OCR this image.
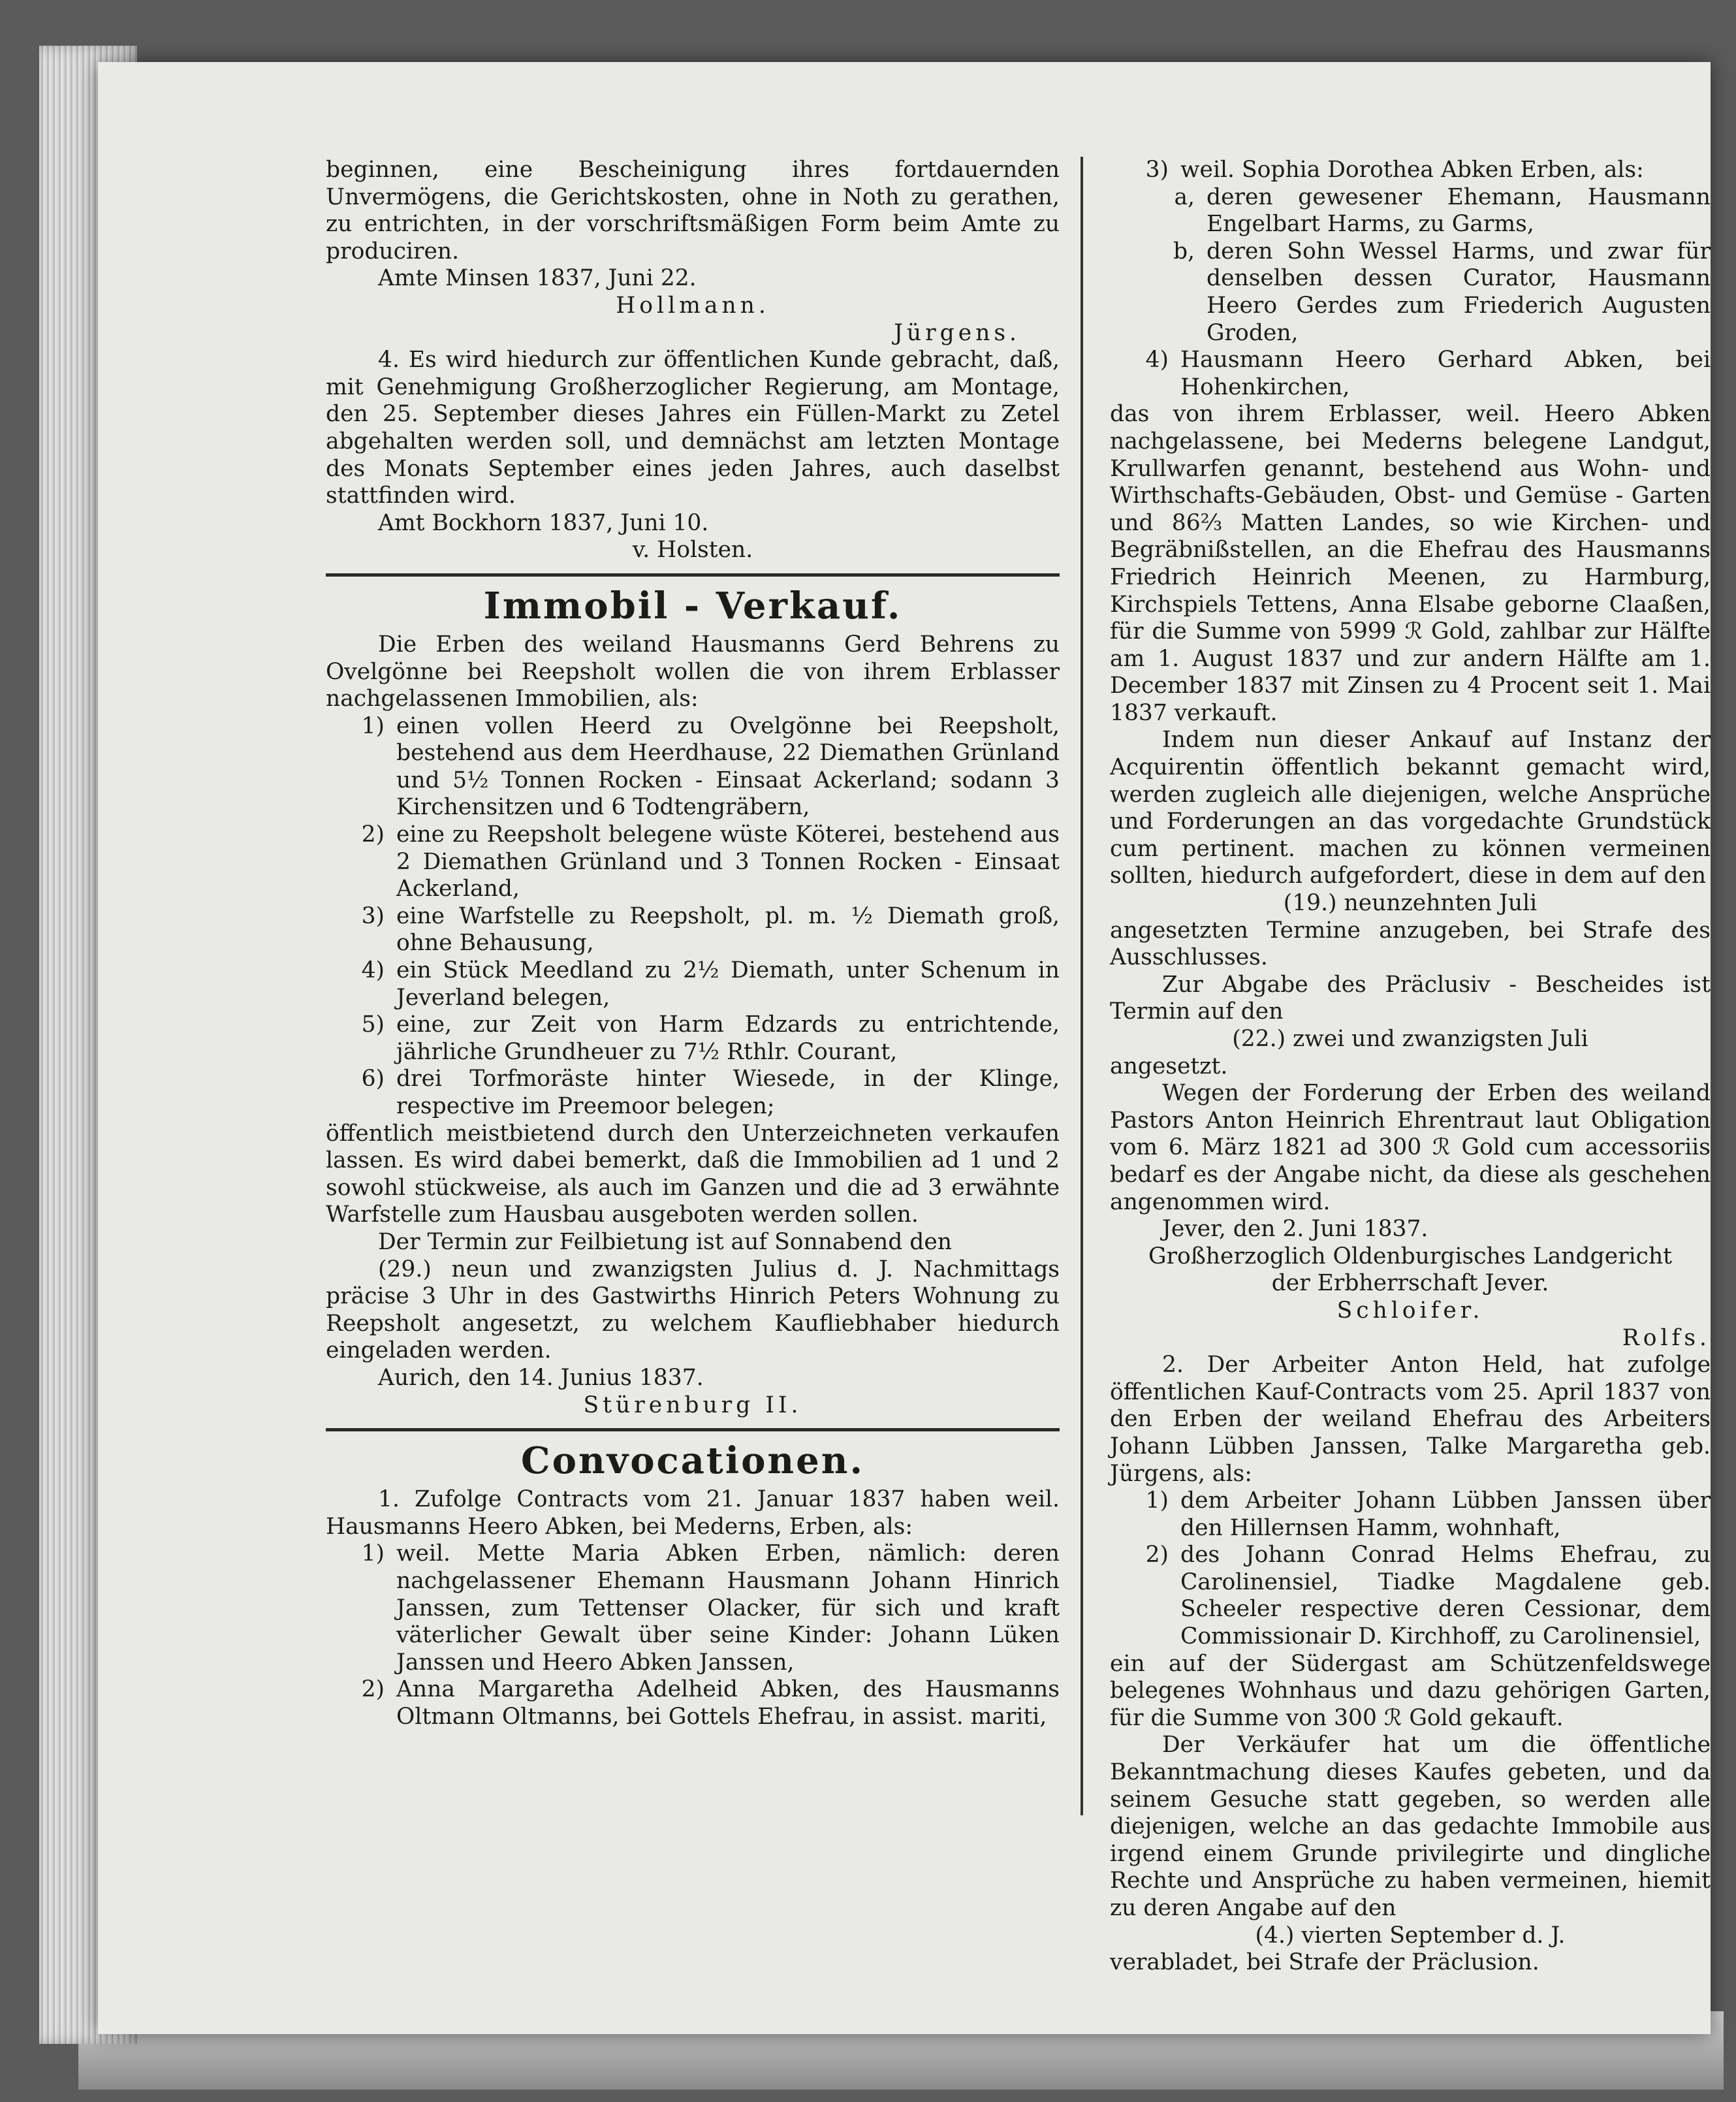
beginnen, eine Bescheinigung ihres fortdauernden Unvermögens, die Gerichtskosten, ohne in Noth zu gerathen, zu entrichten, in der vorschriftsmäßigen Form beim Amte zu produciren.

Amte Minsen 1837, Juni 22.

Hollmann.

Jürgens.

4. Es wird hiedurch zur öffentlichen Kunde gebracht, daß, mit Genehmigung Großherzoglicher Regierung, am Montage, den 25. September dieses Jahres ein Füllen-Markt zu Zetel abgehalten werden soll, und demnächst am letzten Montage des Monats September eines jeden Jahres, auch daselbst stattfinden wird.

Amt Bockhorn 1837, Juni 10.

v. Holsten.

Immobil - Verkauf.

Die Erben des weiland Hausmanns Gerd Behrens zu Ovelgönne bei Reepsholt wollen die von ihrem Erblasser nachgelassenen Immobilien, als:

1) einen vollen Heerd zu Ovelgönne bei Reepsholt, bestehend aus dem Heerdhause, 22 Diemathen Grünland und 5½ Tonnen Rocken - Einsaat Ackerland; sodann 3 Kirchensitzen und 6 Todtengräbern,
2) eine zu Reepsholt belegene wüste Köterei, bestehend aus 2 Diemathen Grünland und 3 Tonnen Rocken - Einsaat Ackerland,
3) eine Warfstelle zu Reepsholt, pl. m. ½ Diemath groß, ohne Behausung,
4) ein Stück Meedland zu 2½ Diemath, unter Schenum in Jeverland belegen,
5) eine, zur Zeit von Harm Edzards zu entrichtende, jährliche Grundheuer zu 7½ Rthlr. Courant,
6) drei Torfmoräste hinter Wiesede, in der Klinge, respective im Preemoor belegen;

öffentlich meistbietend durch den Unterzeichneten verkaufen lassen. Es wird dabei bemerkt, daß die Immobilien ad 1 und 2 sowohl stückweise, als auch im Ganzen und die ad 3 erwähnte Warfstelle zum Hausbau ausgeboten werden sollen.

Der Termin zur Feilbietung ist auf Sonnabend den

(29.) neun und zwanzigsten Julius d. J. Nachmittags präcise 3 Uhr in des Gastwirths Hinrich Peters Wohnung zu Reepsholt angesetzt, zu welchem Kaufliebhaber hiedurch eingeladen werden.

Aurich, den 14. Junius 1837.

Stürenburg II.

Convocationen.

1. Zufolge Contracts vom 21. Januar 1837 haben weil. Hausmanns Heero Abken, bei Mederns, Erben, als:

1) weil. Mette Maria Abken Erben, nämlich: deren nachgelassener Ehemann Hausmann Johann Hinrich Janssen, zum Tettenser Olacker, für sich und kraft väterlicher Gewalt über seine Kinder: Johann Lüken Janssen und Heero Abken Janssen,
2) Anna Margaretha Adelheid Abken, des Hausmanns Oltmann Oltmanns, bei Gottels Ehefrau, in assist. mariti,
3) weil. Sophia Dorothea Abken Erben, als:
a, deren gewesener Ehemann, Hausmann Engelbart Harms, zu Garms,
b, deren Sohn Wessel Harms, und zwar für denselben dessen Curator, Hausmann Heero Gerdes zum Friederich Augusten Groden,
4) Hausmann Heero Gerhard Abken, bei Hohenkirchen,

das von ihrem Erblasser, weil. Heero Abken nachgelassene, bei Mederns belegene Landgut, Krullwarfen genannt, bestehend aus Wohn- und Wirthschafts-Gebäuden, Obst- und Gemüse - Garten und 86⅔ Matten Landes, so wie Kirchen- und Begräbnißstellen, an die Ehefrau des Hausmanns Friedrich Heinrich Meenen, zu Harmburg, Kirchspiels Tettens, Anna Elsabe geborne Claaßen, für die Summe von 5999 ℛ Gold, zahlbar zur Hälfte am 1. August 1837 und zur andern Hälfte am 1. December 1837 mit Zinsen zu 4 Procent seit 1. Mai 1837 verkauft.

Indem nun dieser Ankauf auf Instanz der Acquirentin öffentlich bekannt gemacht wird, werden zugleich alle diejenigen, welche Ansprüche und Forderungen an das vorgedachte Grundstück cum pertinent. machen zu können vermeinen sollten, hiedurch aufgefordert, diese in dem auf den

(19.) neunzehnten Juli

angesetzten Termine anzugeben, bei Strafe des Ausschlusses.

Zur Abgabe des Präclusiv - Bescheides ist Termin auf den

(22.) zwei und zwanzigsten Juli

angesetzt.

Wegen der Forderung der Erben des weiland Pastors Anton Heinrich Ehrentraut laut Obligation vom 6. März 1821 ad 300 ℛ Gold cum accessoriis bedarf es der Angabe nicht, da diese als geschehen angenommen wird.

Jever, den 2. Juni 1837.

Großherzoglich Oldenburgisches Landgericht

der Erbherrschaft Jever.

Schloifer.

Rolfs.

2. Der Arbeiter Anton Held, hat zufolge öffentlichen Kauf-Contracts vom 25. April 1837 von den Erben der weiland Ehefrau des Arbeiters Johann Lübben Janssen, Talke Margaretha geb. Jürgens, als:

1) dem Arbeiter Johann Lübben Janssen über den Hillernsen Hamm, wohnhaft,
2) des Johann Conrad Helms Ehefrau, zu Carolinensiel, Tiadke Magdalene geb. Scheeler respective deren Cessionar, dem Commissionair D. Kirchhoff, zu Carolinensiel,

ein auf der Südergast am Schützenfeldswege belegenes Wohnhaus und dazu gehörigen Garten, für die Summe von 300 ℛ Gold gekauft.

Der Verkäufer hat um die öffentliche Bekanntmachung dieses Kaufes gebeten, und da seinem Gesuche statt gegeben, so werden alle diejenigen, welche an das gedachte Immobile aus irgend einem Grunde privilegirte und dingliche Rechte und Ansprüche zu haben vermeinen, hiemit zu deren Angabe auf den

(4.) vierten September d. J.

verabladet, bei Strafe der Präclusion.
